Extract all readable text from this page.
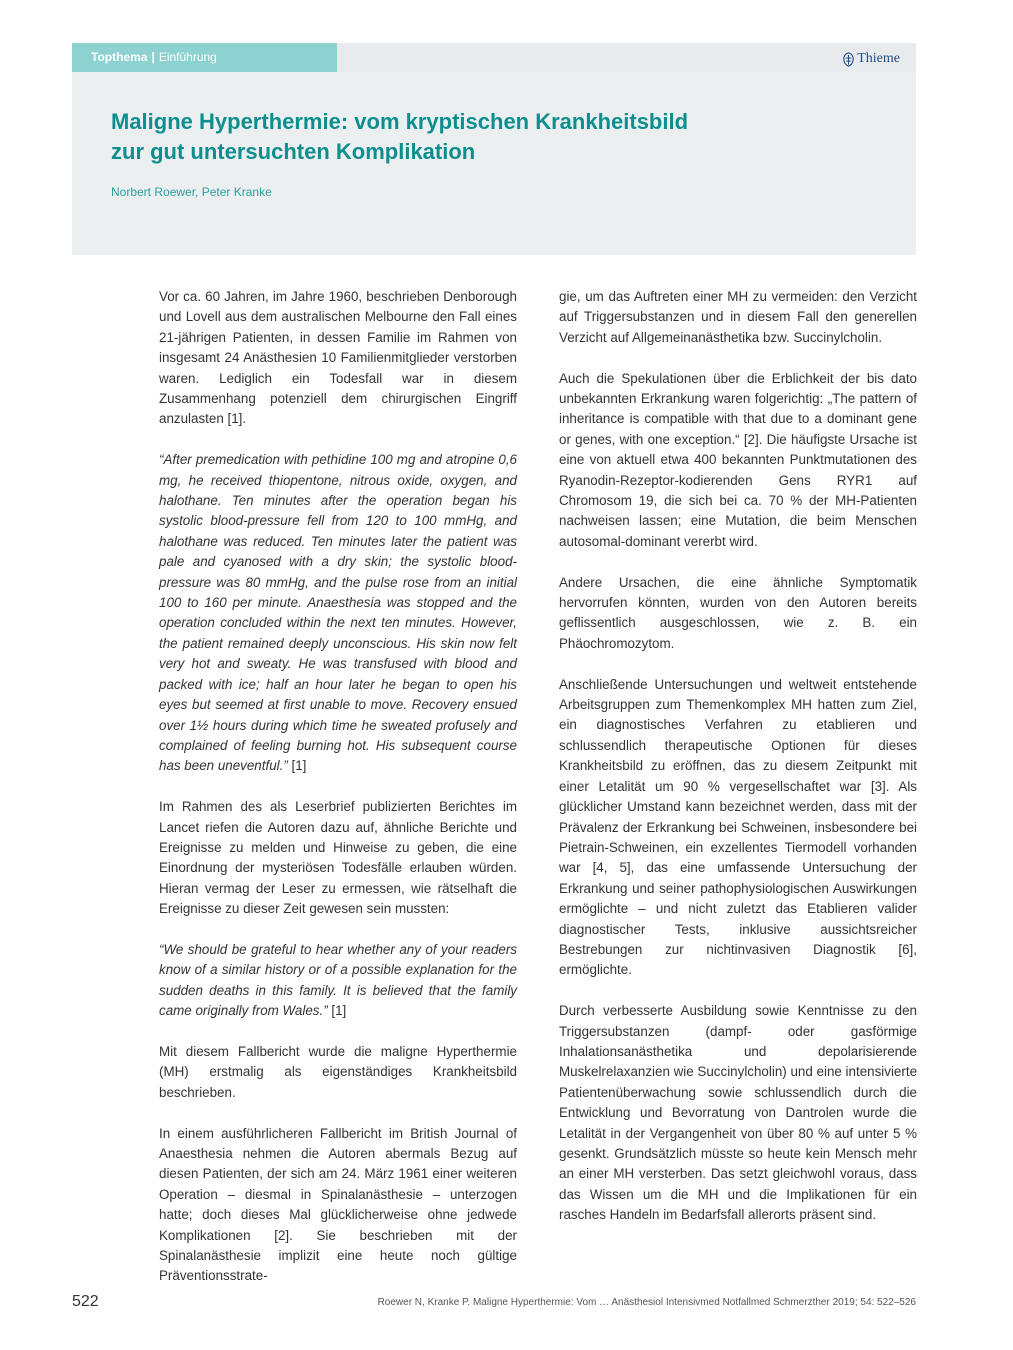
Topthema | Einführung	Thieme
Maligne Hyperthermie: vom kryptischen Krankheitsbild
zur gut untersuchten Komplikation

Norbert Roewer, Peter Kranke

Vor ca. 60 Jahren, im Jahre 1960, beschrieben Denborough und Lovell aus dem australischen Melbourne den Fall eines 21-jährigen Patienten, in dessen Familie im Rahmen von insgesamt 24 Anästhesien 10 Familienmitglieder verstorben waren. Lediglich ein Todesfall war in diesem Zusammenhang potenziell dem chirurgischen Eingriff anzulasten [1].

“After premedication with pethidine 100 mg and atropine 0,6 mg, he received thiopentone, nitrous oxide, oxygen, and halothane. Ten minutes after the operation began his systolic blood-pressure fell from 120 to 100 mmHg, and halothane was reduced. Ten minutes later the patient was pale and cyanosed with a dry skin; the systolic blood-pressure was 80 mmHg, and the pulse rose from an initial 100 to 160 per minute. Anaesthesia was stopped and the operation concluded within the next ten minutes. However, the patient remained deeply unconscious. His skin now felt very hot and sweaty. He was transfused with blood and packed with ice; half an hour later he began to open his eyes but seemed at first unable to move. Recovery ensued over 1½ hours during which time he sweated profusely and complained of feeling burning hot. His subsequent course has been uneventful.” [1]

Im Rahmen des als Leserbrief publizierten Berichtes im Lancet riefen die Autoren dazu auf, ähnliche Berichte und Ereignisse zu melden und Hinweise zu geben, die eine Einordnung der mysteriösen Todesfälle erlauben würden. Hieran vermag der Leser zu ermessen, wie rätselhaft die Ereignisse zu dieser Zeit gewesen sein mussten:

“We should be grateful to hear whether any of your readers know of a similar history or of a possible explanation for the sudden deaths in this family. It is believed that the family came originally from Wales.” [1]

Mit diesem Fallbericht wurde die maligne Hyperthermie (MH) erstmalig als eigenständiges Krankheitsbild beschrieben.

In einem ausführlicheren Fallbericht im British Journal of Anaesthesia nehmen die Autoren abermals Bezug auf diesen Patienten, der sich am 24. März 1961 einer weiteren Operation – diesmal in Spinalanästhesie – unterzogen hatte; doch dieses Mal glücklicherweise ohne jedwede Komplikationen [2]. Sie beschrieben mit der Spinalanästhesie implizit eine heute noch gültige Präventionsstrate-

gie, um das Auftreten einer MH zu vermeiden: den Verzicht auf Triggersubstanzen und in diesem Fall den generellen Verzicht auf Allgemeinanästhetika bzw. Succinylcholin.

Auch die Spekulationen über die Erblichkeit der bis dato unbekannten Erkrankung waren folgerichtig: „The pattern of inheritance is compatible with that due to a dominant gene or genes, with one exception.“ [2]. Die häufigste Ursache ist eine von aktuell etwa 400 bekannten Punktmutationen des Ryanodin-Rezeptor-kodierenden Gens RYR1 auf Chromosom 19, die sich bei ca. 70 % der MH-Patienten nachweisen lassen; eine Mutation, die beim Menschen autosomal-dominant vererbt wird.

Andere Ursachen, die eine ähnliche Symptomatik hervorrufen könnten, wurden von den Autoren bereits geflissentlich ausgeschlossen, wie z. B. ein Phäochromozytom.

Anschließende Untersuchungen und weltweit entstehende Arbeitsgruppen zum Themenkomplex MH hatten zum Ziel, ein diagnostisches Verfahren zu etablieren und schlussendlich therapeutische Optionen für dieses Krankheitsbild zu eröffnen, das zu diesem Zeitpunkt mit einer Letalität um 90 % vergesellschaftet war [3]. Als glücklicher Umstand kann bezeichnet werden, dass mit der Prävalenz der Erkrankung bei Schweinen, insbesondere bei Pietrain-Schweinen, ein exzellentes Tiermodell vorhanden war [4, 5], das eine umfassende Untersuchung der Erkrankung und seiner pathophysiologischen Auswirkungen ermöglichte – und nicht zuletzt das Etablieren valider diagnostischer Tests, inklusive aussichtsreicher Bestrebungen zur nichtinvasiven Diagnostik [6], ermöglichte.

Durch verbesserte Ausbildung sowie Kenntnisse zu den Triggersubstanzen (dampf- oder gasförmige Inhalationsanästhetika und depolarisierende Muskelrelaxanzien wie Succinylcholin) und eine intensivierte Patientenüberwachung sowie schlussendlich durch die Entwicklung und Bevorratung von Dantrolen wurde die Letalität in der Vergangenheit von über 80 % auf unter 5 % gesenkt. Grundsätzlich müsste so heute kein Mensch mehr an einer MH versterben. Das setzt gleichwohl voraus, dass das Wissen um die MH und die Implikationen für ein rasches Handeln im Bedarfsfall allerorts präsent sind.

522	Roewer N, Kranke P. Maligne Hyperthermie: Vom … Anästhesiol Intensivmed Notfallmed Schmerzther 2019; 54: 522–526
